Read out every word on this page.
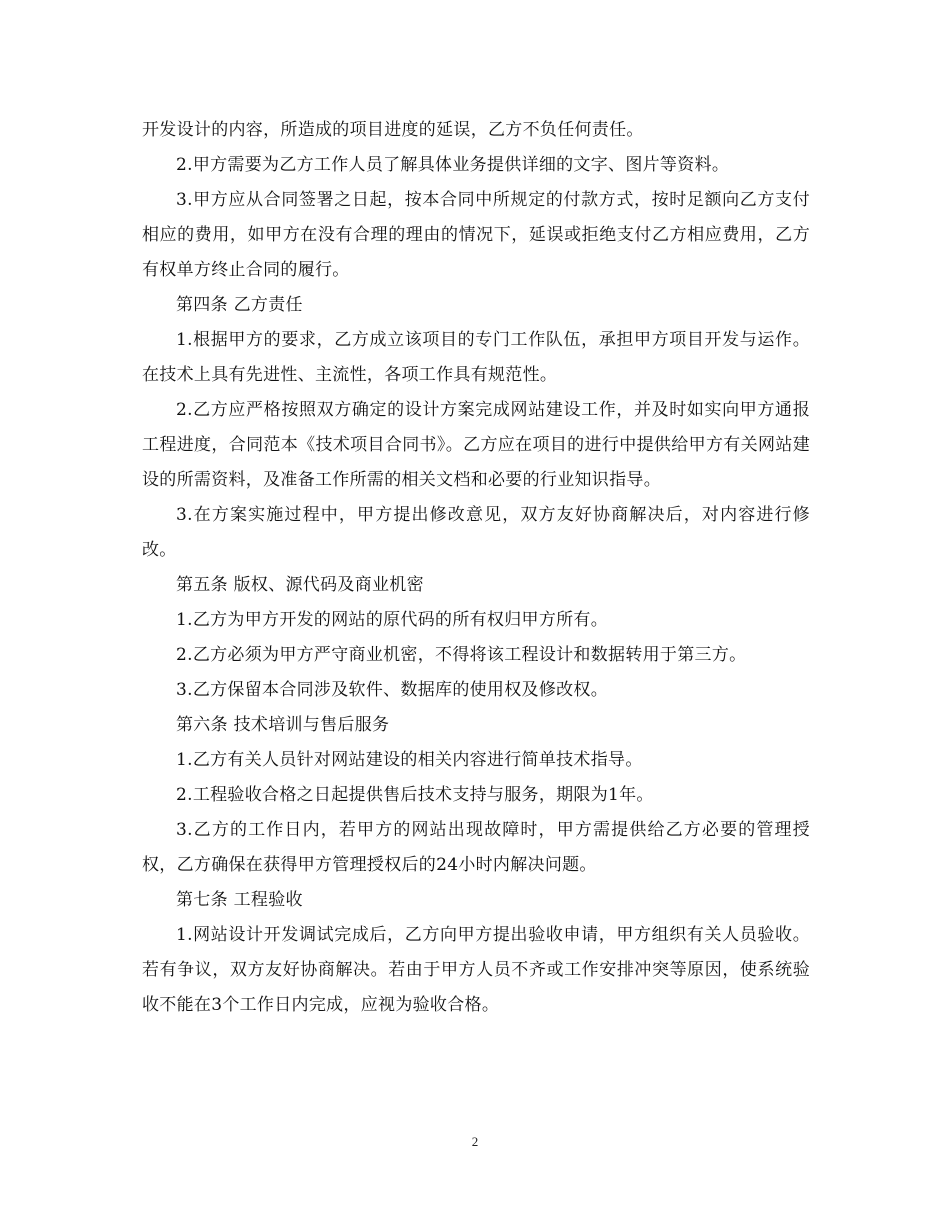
开发设计的内容，所造成的项目进度的延误，乙方不负任何责任。

2.甲方需要为乙方工作人员了解具体业务提供详细的文字、图片等资料。

3.甲方应从合同签署之日起，按本合同中所规定的付款方式，按时足额向乙方支付相应的费用，如甲方在没有合理的理由的情况下，延误或拒绝支付乙方相应费用，乙方有权单方终止合同的履行。

第四条 乙方责任

1.根据甲方的要求，乙方成立该项目的专门工作队伍，承担甲方项目开发与运作。在技术上具有先进性、主流性，各项工作具有规范性。

2.乙方应严格按照双方确定的设计方案完成网站建设工作，并及时如实向甲方通报工程进度，合同范本《技术项目合同书》。乙方应在项目的进行中提供给甲方有关网站建设的所需资料，及准备工作所需的相关文档和必要的行业知识指导。

3.在方案实施过程中，甲方提出修改意见，双方友好协商解决后，对内容进行修改。

第五条 版权、源代码及商业机密

1.乙方为甲方开发的网站的原代码的所有权归甲方所有。

2.乙方必须为甲方严守商业机密，不得将该工程设计和数据转用于第三方。

3.乙方保留本合同涉及软件、数据库的使用权及修改权。

第六条 技术培训与售后服务

1.乙方有关人员针对网站建设的相关内容进行简单技术指导。

2.工程验收合格之日起提供售后技术支持与服务，期限为1年。

3.乙方的工作日内，若甲方的网站出现故障时，甲方需提供给乙方必要的管理授权，乙方确保在获得甲方管理授权后的24小时内解决问题。

第七条 工程验收

1.网站设计开发调试完成后，乙方向甲方提出验收申请，甲方组织有关人员验收。若有争议，双方友好协商解决。若由于甲方人员不齐或工作安排冲突等原因，使系统验收不能在3个工作日内完成，应视为验收合格。

2
